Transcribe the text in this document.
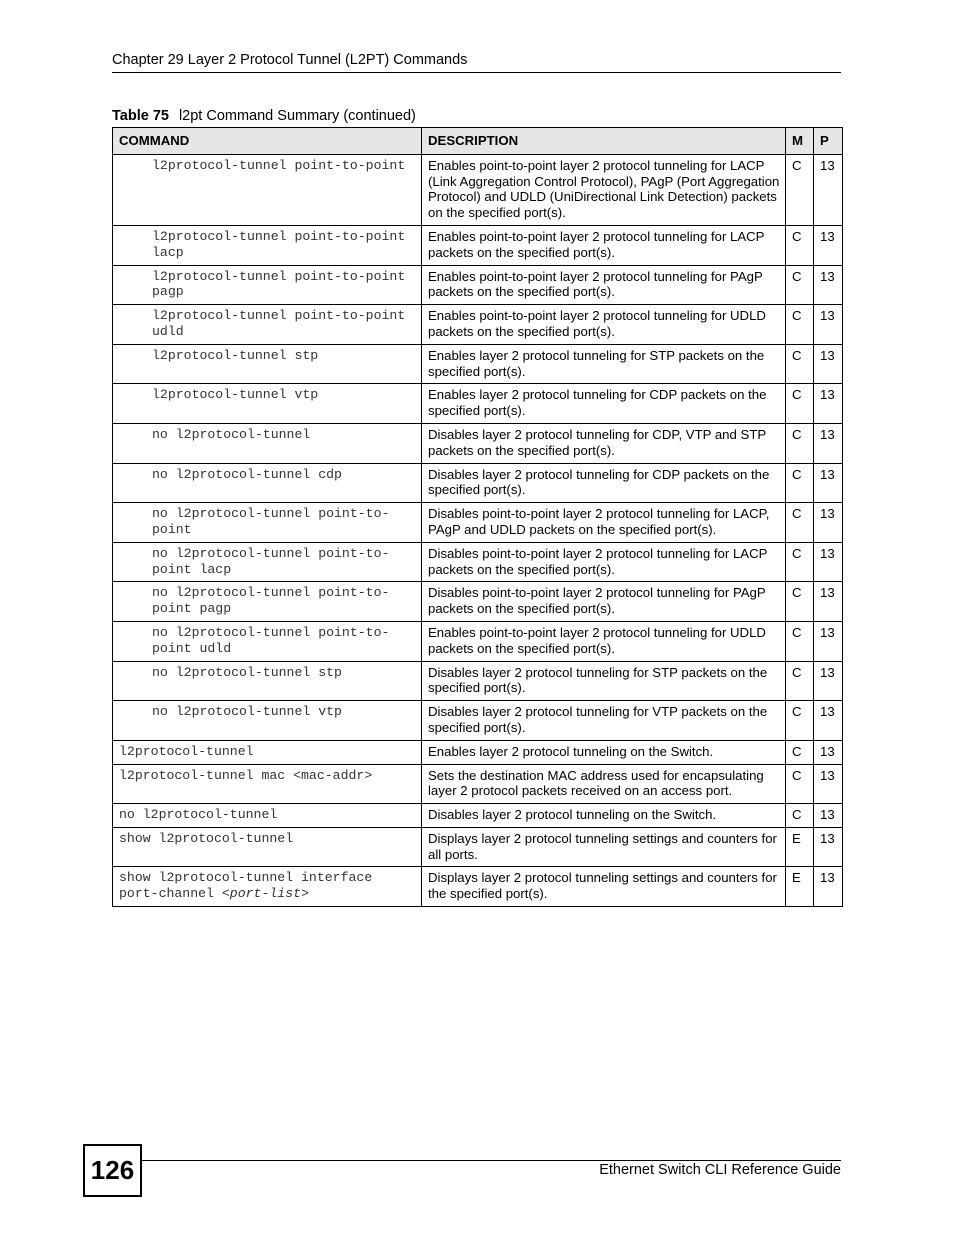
Chapter 29 Layer 2 Protocol Tunnel (L2PT) Commands
Table 75 l2pt Command Summary (continued)
COMMAND	DESCRIPTION	M	P

l2protocol-tunnel point-to-point	Enables point-to-point layer 2 protocol tunneling for LACP (Link Aggregation Control Protocol), PAgP (Port Aggregation Protocol) and UDLD (UniDirectional Link Detection) packets on the specified port(s).	C	13

l2protocol-tunnel point-to-point lacp	Enables point-to-point layer 2 protocol tunneling for LACP packets on the specified port(s).	C	13

l2protocol-tunnel point-to-point pagp	Enables point-to-point layer 2 protocol tunneling for PAgP packets on the specified port(s).	C	13

l2protocol-tunnel point-to-point udld	Enables point-to-point layer 2 protocol tunneling for UDLD packets on the specified port(s).	C	13

l2protocol-tunnel stp	Enables layer 2 protocol tunneling for STP packets on the specified port(s).	C	13

l2protocol-tunnel vtp	Enables layer 2 protocol tunneling for CDP packets on the specified port(s).	C	13

no l2protocol-tunnel	Disables layer 2 protocol tunneling for CDP, VTP and STP packets on the specified port(s).	C	13

no l2protocol-tunnel cdp	Disables layer 2 protocol tunneling for CDP packets on the specified port(s).	C	13

no l2protocol-tunnel point-to-point	Disables point-to-point layer 2 protocol tunneling for LACP, PAgP and UDLD packets on the specified port(s).	C	13

no l2protocol-tunnel point-to-point lacp	Disables point-to-point layer 2 protocol tunneling for LACP packets on the specified port(s).	C	13

no l2protocol-tunnel point-to-point pagp	Disables point-to-point layer 2 protocol tunneling for PAgP packets on the specified port(s).	C	13

no l2protocol-tunnel point-to-point udld	Enables point-to-point layer 2 protocol tunneling for UDLD packets on the specified port(s).	C	13

no l2protocol-tunnel stp	Disables layer 2 protocol tunneling for STP packets on the specified port(s).	C	13

no l2protocol-tunnel vtp	Disables layer 2 protocol tunneling for VTP packets on the specified port(s).	C	13

l2protocol-tunnel	Enables layer 2 protocol tunneling on the Switch.	C	13

l2protocol-tunnel mac <mac-addr>	Sets the destination MAC address used for encapsulating layer 2 protocol packets received on an access port.	C	13

no l2protocol-tunnel	Disables layer 2 protocol tunneling on the Switch.	C	13

show l2protocol-tunnel	Displays layer 2 protocol tunneling settings and counters for all ports.	E	13

show l2protocol-tunnel interface port-channel <port-list>	Displays layer 2 protocol tunneling settings and counters for the specified port(s).	E	13
126	Ethernet Switch CLI Reference Guide
